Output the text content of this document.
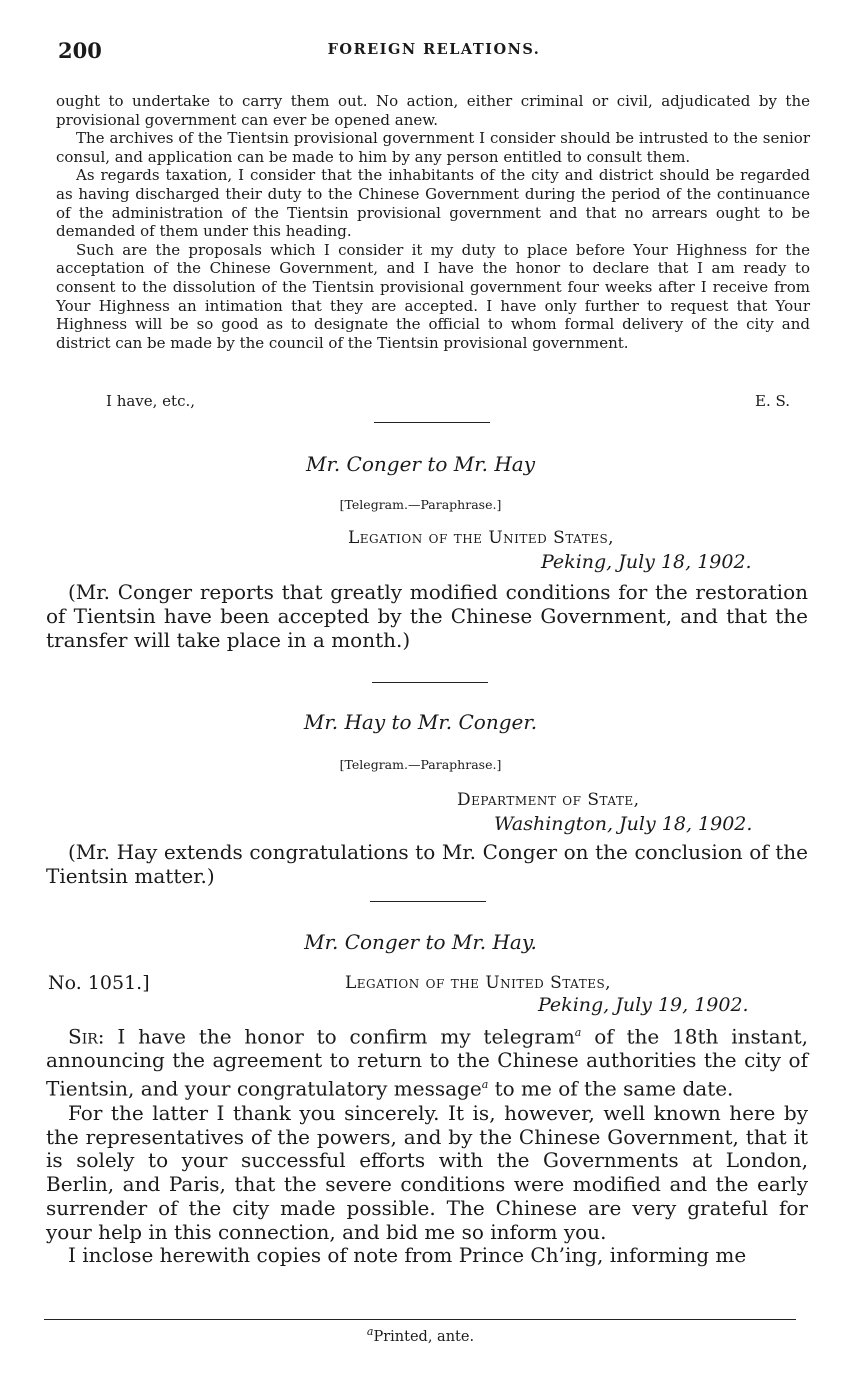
200	FOREIGN RELATIONS.

ought to undertake to carry them out. No action, either criminal or civil, adjudicated by the provisional government can ever be opened anew.

The archives of the Tientsin provisional government I consider should be intrusted to the senior consul, and application can be made to him by any person entitled to consult them.

As regards taxation, I consider that the inhabitants of the city and district should be regarded as having discharged their duty to the Chinese Government during the period of the continuance of the administration of the Tientsin provisional government and that no arrears ought to be demanded of them under this heading.

Such are the proposals which I consider it my duty to place before Your Highness for the acceptation of the Chinese Government, and I have the honor to declare that I am ready to consent to the dissolution of the Tientsin provisional government four weeks after I receive from Your Highness an intimation that they are accepted. I have only further to request that Your Highness will be so good as to designate the official to whom formal delivery of the city and district can be made by the council of the Tientsin provisional government.

I have, etc.,	E. S.
Mr. Conger to Mr. Hay
[Telegram.—Paraphrase.]
Legation of the United States,
Peking, July 18, 1902.

(Mr. Conger reports that greatly modified conditions for the restoration of Tientsin have been accepted by the Chinese Government, and that the transfer will take place in a month.)

Mr. Hay to Mr. Conger.
[Telegram.—Paraphrase.]
Department of State,
Washington, July 18, 1902.

(Mr. Hay extends congratulations to Mr. Conger on the conclusion of the Tientsin matter.)

Mr. Conger to Mr. Hay.
No. 1051.]	Legation of the United States,
Peking, July 19, 1902.

Sir: I have the honor to confirm my telegram$^a$ of the 18th instant, announcing the agreement to return to the Chinese authorities the city of Tientsin, and your congratulatory message$^a$ to me of the same date.

For the latter I thank you sincerely. It is, however, well known here by the representatives of the powers, and by the Chinese Government, that it is solely to your successful efforts with the Governments at London, Berlin, and Paris, that the severe conditions were modified and the early surrender of the city made possible. The Chinese are very grateful for your help in this connection, and bid me so inform you.

I inclose herewith copies of note from Prince Ch’ing, informing me

$^a$Printed, ante.
